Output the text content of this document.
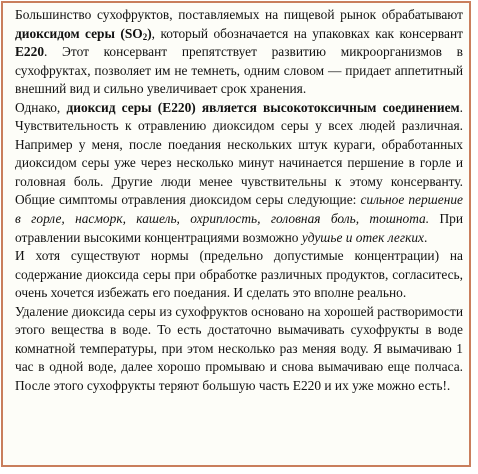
Большинство сухофруктов, поставляемых на пищевой рынок обрабатывают диоксидом серы $(SO_2)$, который обозначается на упаковках как консервант E220. Этот консервант препятствует развитию микроорганизмов в сухофруктах, позволяет им не темнеть, одним словом — придает аппетитный внешний вид и сильно увеличивает срок хранения.

Однако, диоксид серы (E220) является высокотоксичным соединением. Чувствительность к отравлению диоксидом серы у всех людей различная. Например у меня, после поедания нескольких штук кураги, обработанных диоксидом серы уже через несколько минут начинается першение в горле и головная боль. Другие люди менее чувствительны к этому консерванту. Общие симптомы отравления диоксидом серы следующие: сильное першение в горле, насморк, кашель, охриплость, головная боль, тошнота. При отравлении высокими концентрациями возможно удушье и отек легких.

И хотя существуют нормы (предельно допустимые концентрации) на содержание диоксида серы при обработке различных продуктов, согласитесь, очень хочется избежать его поедания. И сделать это вполне реально.

Удаление диоксида серы из сухофруктов основано на хорошей растворимости этого вещества в воде. То есть достаточно вымачивать сухофрукты в воде комнатной температуры, при этом несколько раз меняя воду. Я вымачиваю 1 час в одной воде, далее хорошо промываю и снова вымачиваю еще полчаса. После этого сухофрукты теряют большую часть E220 и их уже можно есть!.
